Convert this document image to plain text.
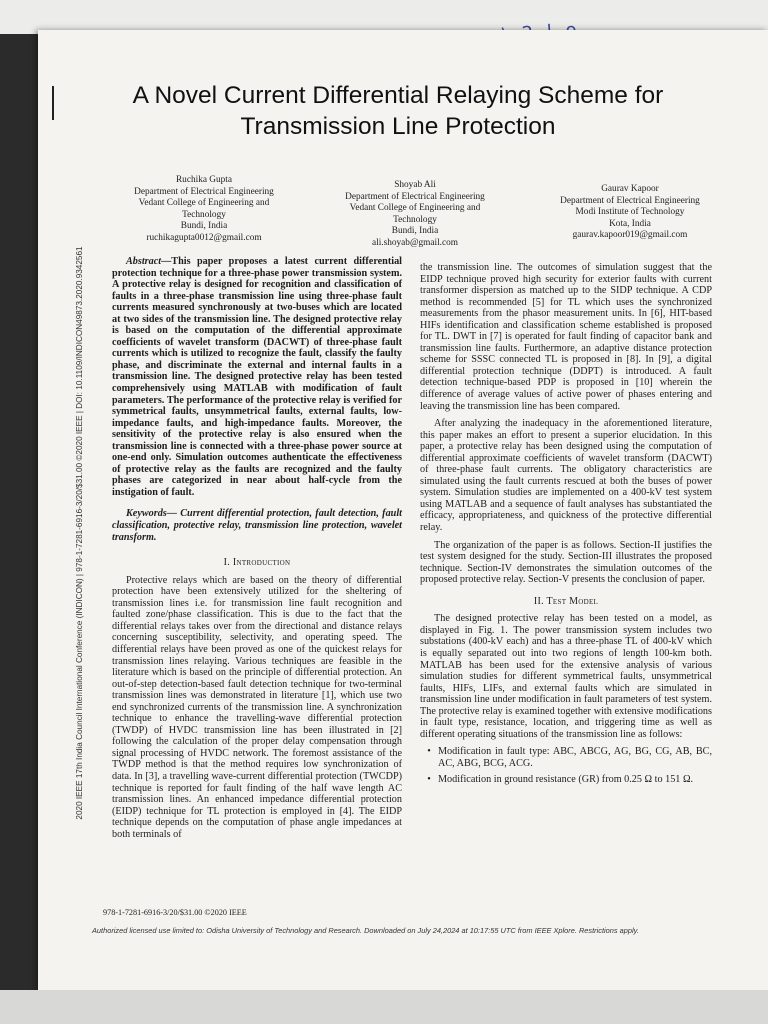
2020 IEEE 17th India Council International Conference (INDICON) | 978-1-7281-6916-3/20/$31.00 ©2020 IEEE | DOI: 10.1109/INDICON49873.2020.9342561
A Novel Current Differential Relaying Scheme for
Transmission Line Protection
Ruchika Gupta
Department of Electrical Engineering
Vedant College of Engineering and Technology
Bundi, India
ruchikagupta0012@gmail.com
Shoyab Ali
Department of Electrical Engineering
Vedant College of Engineering and Technology
Bundi, India
ali.shoyab@gmail.com
Gaurav Kapoor
Department of Electrical Engineering
Modi Institute of Technology
Kota, India
gaurav.kapoor019@gmail.com

Abstract—This paper proposes a latest current differential protection technique for a three-phase power transmission system. A protective relay is designed for recognition and classification of faults in a three-phase transmission line using three-phase fault currents measured synchronously at two-buses which are located at two sides of the transmission line. The designed protective relay is based on the computation of the differential approximate coefficients of wavelet transform (DACWT) of three-phase fault currents which is utilized to recognize the fault, classify the faulty phase, and discriminate the external and internal faults in a transmission line. The designed protective relay has been tested comprehensively using MATLAB with modification of fault parameters. The performance of the protective relay is verified for symmetrical faults, unsymmetrical faults, external faults, low-impedance faults, and high-impedance faults. Moreover, the sensitivity of the protective relay is also ensured when the transmission line is connected with a three-phase power source at one-end only. Simulation outcomes authenticate the effectiveness of protective relay as the faults are recognized and the faulty phases are categorized in near about half-cycle from the instigation of fault.

Keywords— Current differential protection, fault detection, fault classification, protective relay, transmission line protection, wavelet transform.

I. Introduction

Protective relays which are based on the theory of differential protection have been extensively utilized for the sheltering of transmission lines i.e. for transmission line fault recognition and faulted zone/phase classification. This is due to the fact that the differential relays takes over from the directional and distance relays concerning susceptibility, selectivity, and operating speed. The differential relays have been proved as one of the quickest relays for transmission lines relaying. Various techniques are feasible in the literature which is based on the principle of differential protection. An out-of-step detection-based fault detection technique for two-terminal transmission lines was demonstrated in literature [1], which use two end synchronized currents of the transmission line. A synchronization technique to enhance the travelling-wave differential protection (TWDP) of HVDC transmission line has been illustrated in [2] following the calculation of the proper delay compensation through signal processing of HVDC network. The foremost assistance of the TWDP method is that the method requires low synchronization of data. In [3], a travelling wave-current differential protection (TWCDP) technique is reported for fault finding of the half wave length AC transmission lines. An enhanced impedance differential protection (EIDP) technique for TL protection is employed in [4]. The EIDP technique depends on the computation of phase angle impedances at both terminals of

the transmission line. The outcomes of simulation suggest that the EIDP technique proved high security for exterior faults with current transformer dispersion as matched up to the SIDP technique. A CDP method is recommended [5] for TL which uses the synchronized measurements from the phasor measurement units. In [6], HIT-based HIFs identification and classification scheme established is proposed for TL. DWT in [7] is operated for fault finding of capacitor bank and transmission line faults. Furthermore, an adaptive distance protection scheme for SSSC connected TL is proposed in [8]. In [9], a digital differential protection technique (DDPT) is introduced. A fault detection technique-based PDP is proposed in [10] wherein the difference of average values of active power of phases entering and leaving the transmission line has been compared.

After analyzing the inadequacy in the aforementioned literature, this paper makes an effort to present a superior elucidation. In this paper, a protective relay has been designed using the computation of differential approximate coefficients of wavelet transform (DACWT) of three-phase fault currents. The obligatory characteristics are simulated using the fault currents rescued at both the buses of power system. Simulation studies are implemented on a 400-kV test system using MATLAB and a sequence of fault analyses has substantiated the efficacy, appropriateness, and quickness of the protective differential relay.

The organization of the paper is as follows. Section-II justifies the test system designed for the study. Section-III illustrates the proposed technique. Section-IV demonstrates the simulation outcomes of the proposed protective relay. Section-V presents the conclusion of paper.

II. Test Model

The designed protective relay has been tested on a model, as displayed in Fig. 1. The power transmission system includes two substations (400-kV each) and has a three-phase TL of 400-kV which is equally separated out into two regions of length 100-km both. MATLAB has been used for the extensive analysis of various simulation studies for different symmetrical faults, unsymmetrical faults, HIFs, LIFs, and external faults which are simulated in transmission line under modification in fault parameters of test system. The protective relay is examined together with extensive modifications in fault type, resistance, location, and triggering time as well as different operating situations of the transmission line as follows:

• Modification in fault type: ABC, ABCG, AG, BG, CG, AB, BC, AC, ABG, BCG, ACG.
• Modification in ground resistance (GR) from 0.25 Ω to 151 Ω.
978-1-7281-6916-3/20/$31.00 ©2020 IEEE
Authorized licensed use limited to: Odisha University of Technology and Research. Downloaded on July 24,2024 at 10:17:55 UTC from IEEE Xplore. Restrictions apply.
